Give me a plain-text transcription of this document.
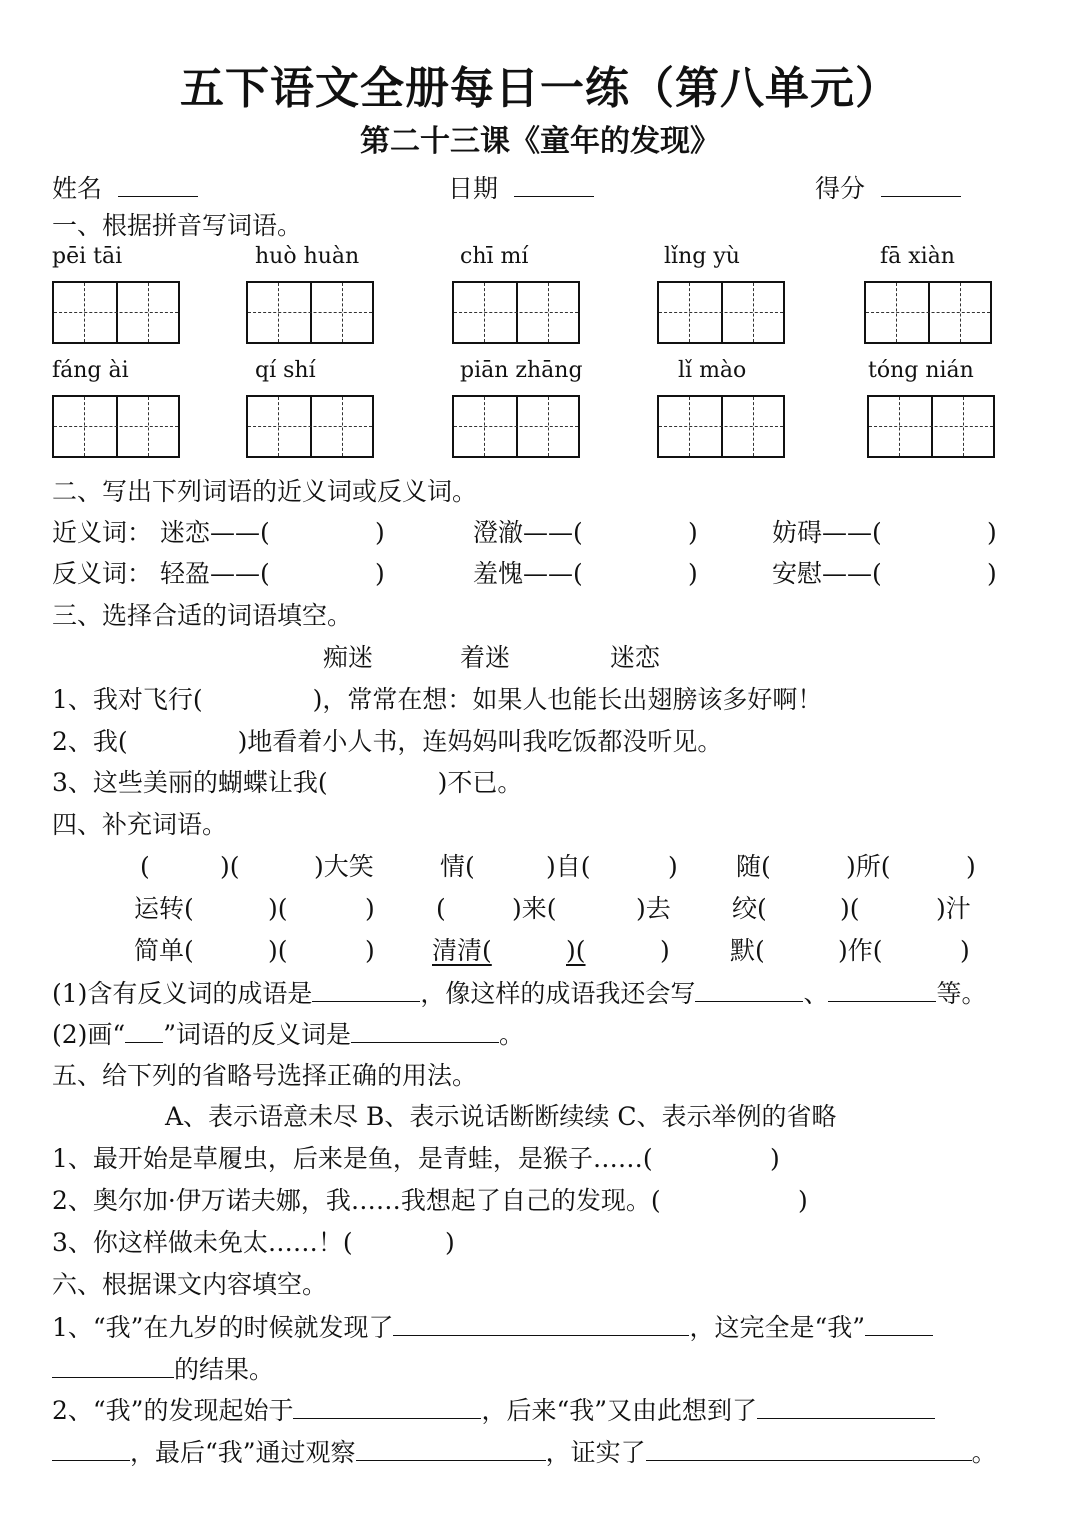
五下语文全册每日一练（第八单元）
第二十三课《童年的发现》
姓名	日期	得分
一、根据拼音写词语。
pēi tāi	huò huàn	chī mí	lǐng yù	fā xiàn
fáng ài	qí shí	piān zhāng	lǐ mào	tóng nián
二、写出下列词语的近义词或反义词。
近义词： 迷恋——(	)	澄澈——(	)	妨碍——(	)
反义词： 轻盈——(	)	羞愧——(	)	安慰——(	)
三、选择合适的词语填空。
痴迷	着迷	迷恋
1、我对飞行(	)，常常在想：如果人也能长出翅膀该多好啊！
2、我(	)地看着小人书，连妈妈叫我吃饭都没听见。
3、这些美丽的蝴蝶让我(	)不已。
四、补充词语。
(	)(	)大笑	情(	)自(	) 随(	)所(	)
运转(	)(	) (	)来(	)去 绞(	)(	)汁
简单(	)(	) 清清(	)(	) 默(	)作(	)
(1)含有反义词的成语是	，像这样的成语我还会写	、	等。
(2)画“ ”词语的反义词是	。
五、给下列的省略号选择正确的用法。
A、表示语意未尽 B、表示说话断断续续 C、表示举例的省略
1、最开始是草履虫，后来是鱼，是青蛙，是猴子……(	)
2、奥尔加·伊万诺夫娜，我……我想起了自己的发现。(	)
3、你这样做未免太……！(	)
六、根据课文内容填空。
1、“我”在九岁的时候就发现了	，这完全是“我”
的结果。
2、“我”的发现起始于	，后来“我”又由此想到了
，最后“我”通过观察	，证实了	。
